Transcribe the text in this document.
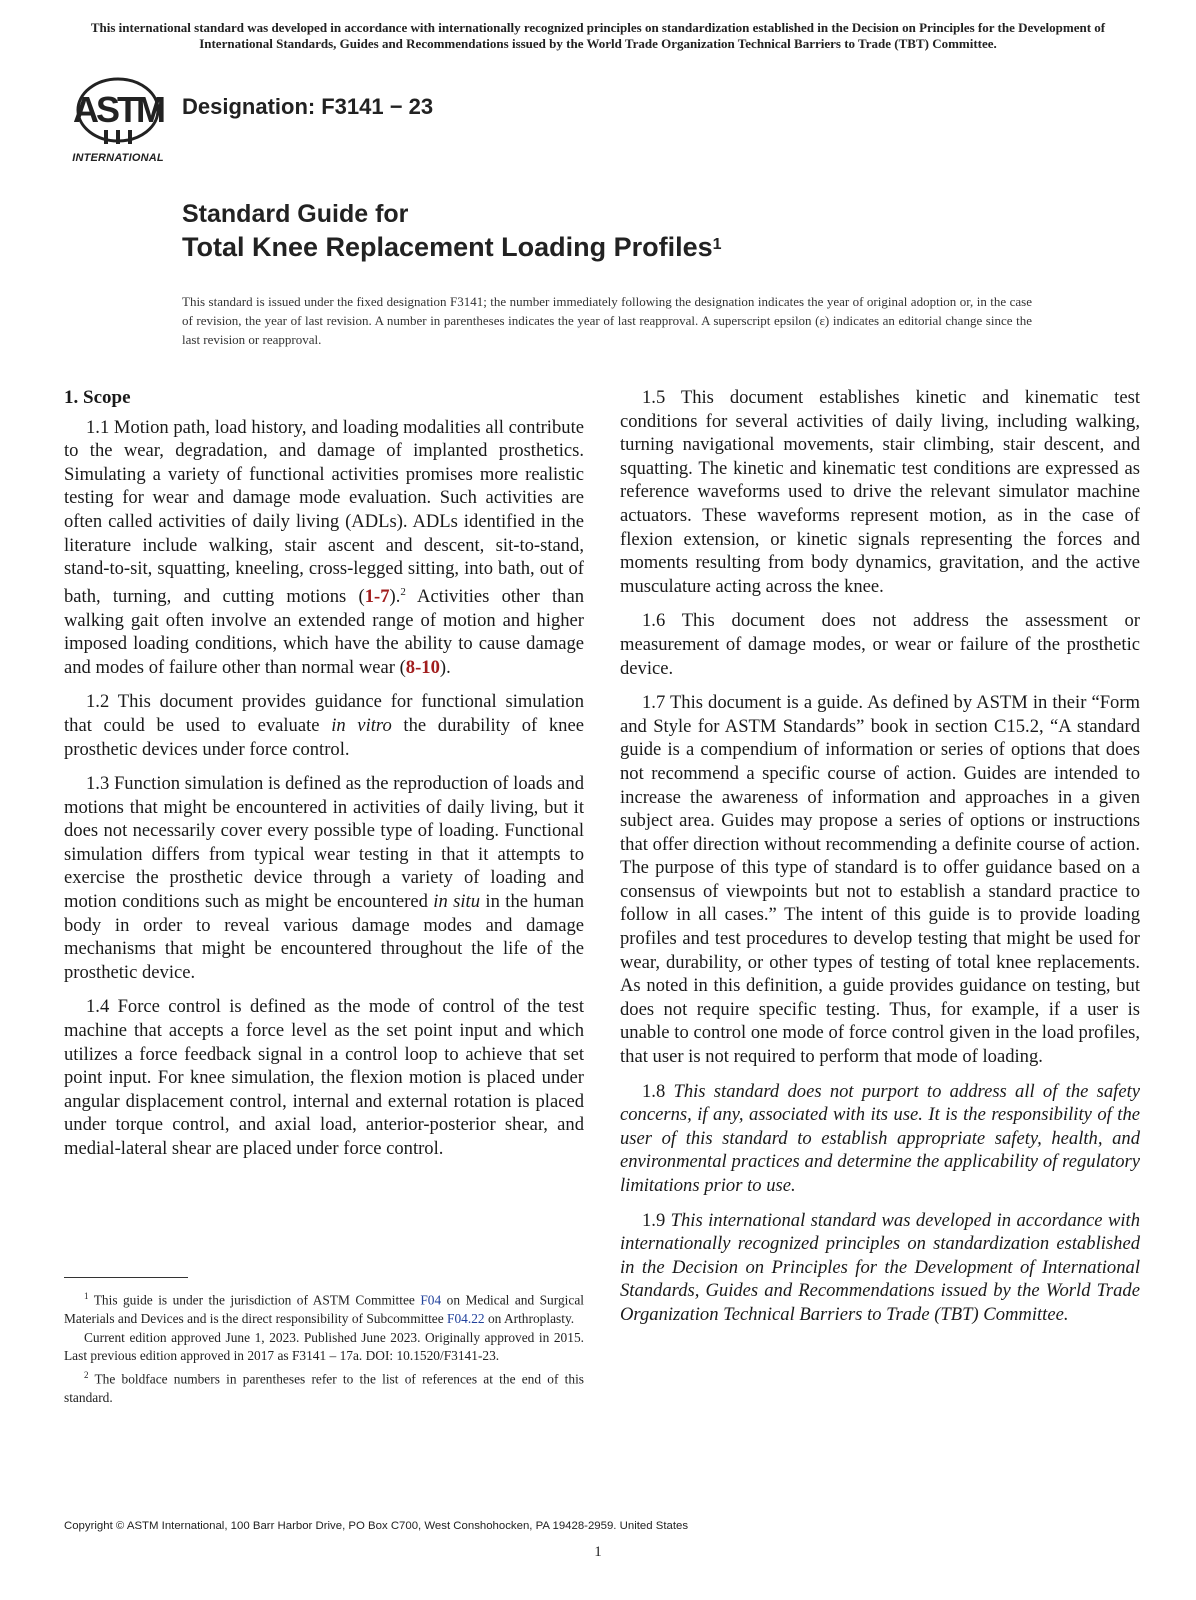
This international standard was developed in accordance with internationally recognized principles on standardization established in the Decision on Principles for the Development of International Standards, Guides and Recommendations issued by the World Trade Organization Technical Barriers to Trade (TBT) Committee.
ASTM
INTERNATIONAL
Designation: F3141 − 23
Standard Guide for
Total Knee Replacement Loading Profiles$^1$
This standard is issued under the fixed designation F3141; the number immediately following the designation indicates the year of original adoption or, in the case of revision, the year of last revision. A number in parentheses indicates the year of last reapproval. A superscript epsilon (ε) indicates an editorial change since the last revision or reapproval.
1. Scope

1.1 Motion path, load history, and loading modalities all contribute to the wear, degradation, and damage of implanted prosthetics. Simulating a variety of functional activities promises more realistic testing for wear and damage mode evaluation. Such activities are often called activities of daily living (ADLs). ADLs identified in the literature include walking, stair ascent and descent, sit-to-stand, stand-to-sit, squatting, kneeling, cross-legged sitting, into bath, out of bath, turning, and cutting motions (1-7).$^2$ Activities other than walking gait often involve an extended range of motion and higher imposed loading conditions, which have the ability to cause damage and modes of failure other than normal wear (8-10).

1.2 This document provides guidance for functional simulation that could be used to evaluate in vitro the durability of knee prosthetic devices under force control.

1.3 Function simulation is defined as the reproduction of loads and motions that might be encountered in activities of daily living, but it does not necessarily cover every possible type of loading. Functional simulation differs from typical wear testing in that it attempts to exercise the prosthetic device through a variety of loading and motion conditions such as might be encountered in situ in the human body in order to reveal various damage modes and damage mechanisms that might be encountered throughout the life of the prosthetic device.

1.4 Force control is defined as the mode of control of the test machine that accepts a force level as the set point input and which utilizes a force feedback signal in a control loop to achieve that set point input. For knee simulation, the flexion motion is placed under angular displacement control, internal and external rotation is placed under torque control, and axial load, anterior-posterior shear, and medial-lateral shear are placed under force control.

1.5 This document establishes kinetic and kinematic test conditions for several activities of daily living, including walking, turning navigational movements, stair climbing, stair descent, and squatting. The kinetic and kinematic test conditions are expressed as reference waveforms used to drive the relevant simulator machine actuators. These waveforms represent motion, as in the case of flexion extension, or kinetic signals representing the forces and moments resulting from body dynamics, gravitation, and the active musculature acting across the knee.

1.6 This document does not address the assessment or measurement of damage modes, or wear or failure of the prosthetic device.

1.7 This document is a guide. As defined by ASTM in their “Form and Style for ASTM Standards” book in section C15.2, “A standard guide is a compendium of information or series of options that does not recommend a specific course of action. Guides are intended to increase the awareness of information and approaches in a given subject area. Guides may propose a series of options or instructions that offer direction without recommending a definite course of action. The purpose of this type of standard is to offer guidance based on a consensus of viewpoints but not to establish a standard practice to follow in all cases.” The intent of this guide is to provide loading profiles and test procedures to develop testing that might be used for wear, durability, or other types of testing of total knee replacements. As noted in this definition, a guide provides guidance on testing, but does not require specific testing. Thus, for example, if a user is unable to control one mode of force control given in the load profiles, that user is not required to perform that mode of loading.

1.8 This standard does not purport to address all of the safety concerns, if any, associated with its use. It is the responsibility of the user of this standard to establish appropriate safety, health, and environmental practices and determine the applicability of regulatory limitations prior to use.

1.9 This international standard was developed in accordance with internationally recognized principles on standardization established in the Decision on Principles for the Development of International Standards, Guides and Recommendations issued by the World Trade Organization Technical Barriers to Trade (TBT) Committee.

$^1$ This guide is under the jurisdiction of ASTM Committee F04 on Medical and Surgical Materials and Devices and is the direct responsibility of Subcommittee F04.22 on Arthroplasty.

Current edition approved June 1, 2023. Published June 2023. Originally approved in 2015. Last previous edition approved in 2017 as F3141 – 17a. DOI: 10.1520/F3141-23.

$^2$ The boldface numbers in parentheses refer to the list of references at the end of this standard.

Copyright © ASTM International, 100 Barr Harbor Drive, PO Box C700, West Conshohocken, PA 19428-2959. United States
1
